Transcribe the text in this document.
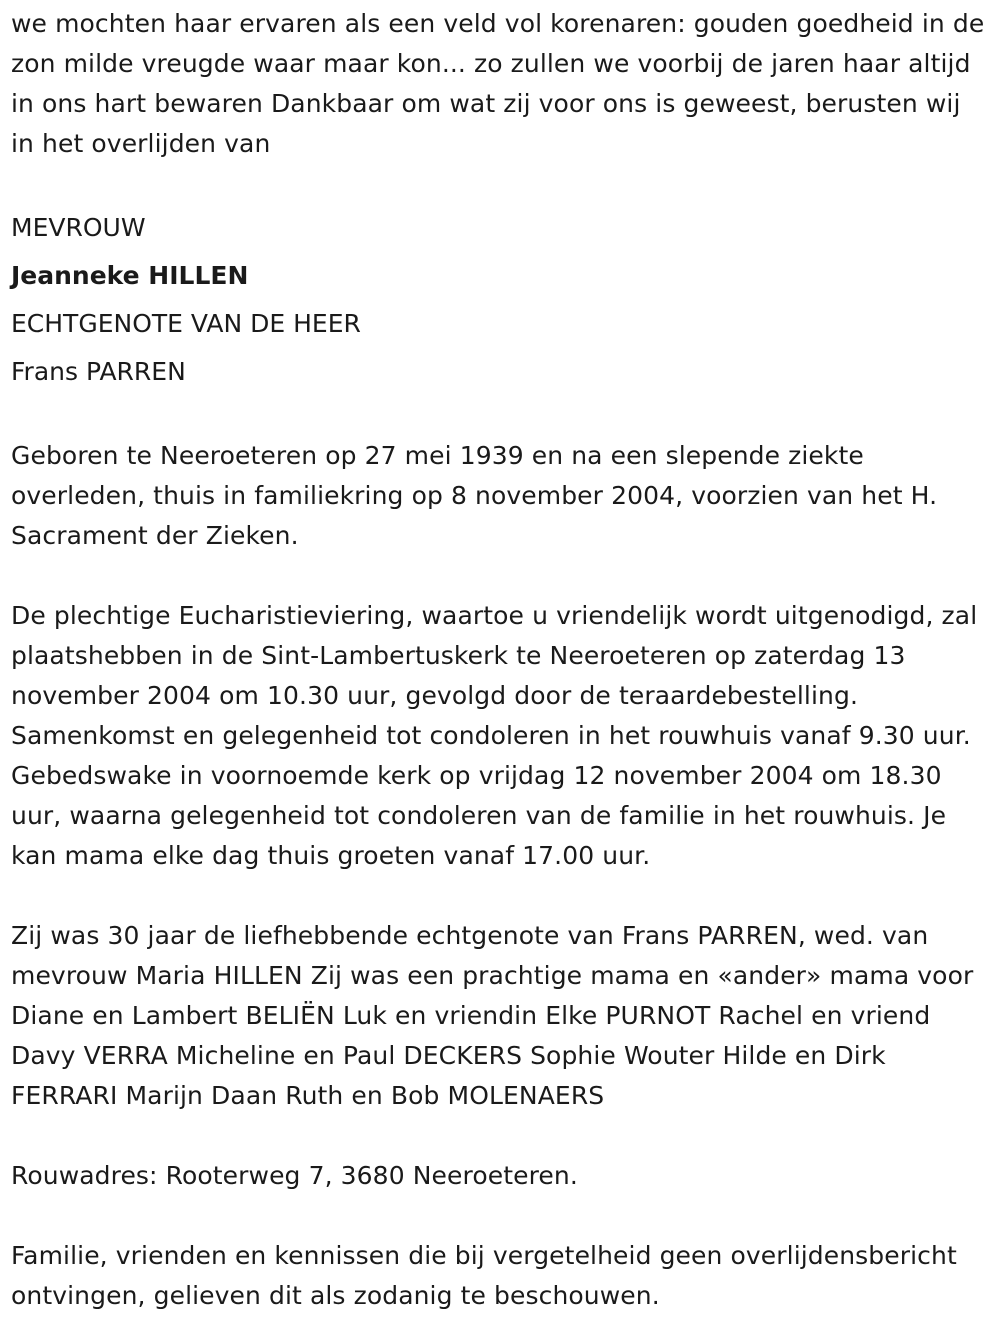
we mochten haar ervaren als een veld vol korenaren: gouden goedheid in de zon milde vreugde waar maar kon... zo zullen we voorbij de jaren haar altijd in ons hart bewaren Dankbaar om wat zij voor ons is geweest, berusten wij in het overlijden van

MEVROUW

Jeanneke HILLEN

ECHTGENOTE VAN DE HEER

Frans PARREN

Geboren te Neeroeteren op 27 mei 1939 en na een slepende ziekte overleden, thuis in familiekring op 8 november 2004, voorzien van het H. Sacrament der Zieken.

De plechtige Eucharistieviering, waartoe u vriendelijk wordt uitgenodigd, zal plaatshebben in de Sint-Lambertuskerk te Neeroeteren op zaterdag 13 november 2004 om 10.30 uur, gevolgd door de teraardebestelling. Samenkomst en gelegenheid tot condoleren in het rouwhuis vanaf 9.30 uur. Gebedswake in voornoemde kerk op vrijdag 12 november 2004 om 18.30 uur, waarna gelegenheid tot condoleren van de familie in het rouwhuis. Je kan mama elke dag thuis groeten vanaf 17.00 uur.

Zij was 30 jaar de liefhebbende echtgenote van Frans PARREN, wed. van mevrouw Maria HILLEN Zij was een prachtige mama en «ander» mama voor Diane en Lambert BELIËN Luk en vriendin Elke PURNOT Rachel en vriend Davy VERRA Micheline en Paul DECKERS Sophie Wouter Hilde en Dirk FERRARI Marijn Daan Ruth en Bob MOLENAERS

Rouwadres: Rooterweg 7, 3680 Neeroeteren.

Familie, vrienden en kennissen die bij vergetelheid geen overlijdensbericht ontvingen, gelieven dit als zodanig te beschouwen.
